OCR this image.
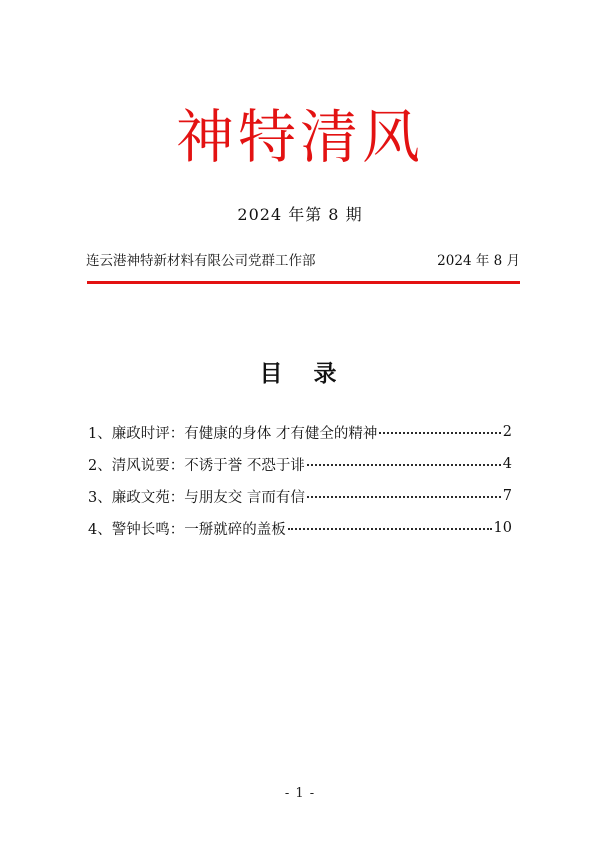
神特清风
2024 年第 8 期
连云港神特新材料有限公司党群工作部	2024 年 8 月
目　录
1、廉政时评：有健康的身体 才有健全的精神	2
2、清风说要：不诱于誉 不恐于诽	4
3、廉政文苑：与朋友交 言而有信	7
4、警钟长鸣：一掰就碎的盖板	10
- 1 -
